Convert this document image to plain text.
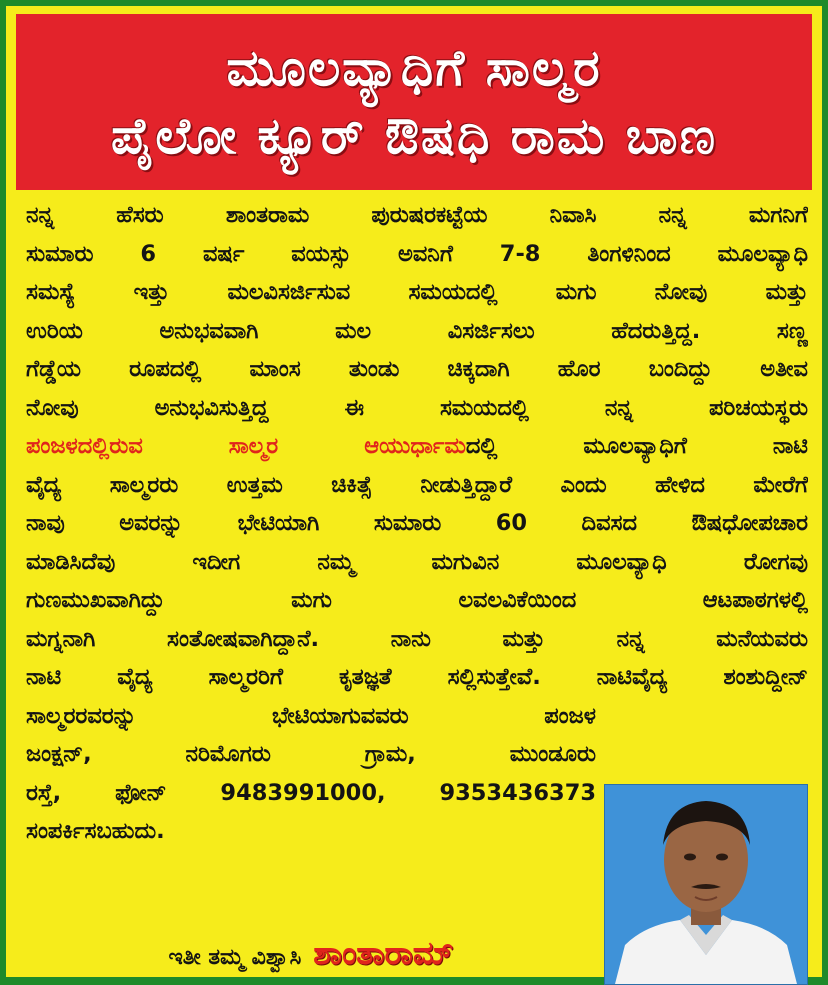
ಮೂಲವ್ಯಾಧಿಗೆ ಸಾಲ್ಮರ
ಪೈಲೋ ಕ್ಯೂರ್ ಔಷಧಿ ರಾಮ ಬಾಣ
ನನ್ನ ಹೆಸರು ಶಾಂತರಾಮ ಪುರುಷರಕಟ್ಟೆಯ ನಿವಾಸಿ ನನ್ನ ಮಗನಿಗೆ
ಸುಮಾರು 6 ವರ್ಷ ವಯಸ್ಸು ಅವನಿಗೆ 7-8 ತಿಂಗಳಿನಿಂದ ಮೂಲವ್ಯಾಧಿ
ಸಮಸ್ಯೆ ಇತ್ತು ಮಲವಿಸರ್ಜಿಸುವ ಸಮಯದಲ್ಲಿ ಮಗು ನೋವು ಮತ್ತು
ಉರಿಯ ಅನುಭವವಾಗಿ ಮಲ ವಿಸರ್ಜಿಸಲು ಹೆದರುತ್ತಿದ್ದ. ಸಣ್ಣ
ಗೆಡ್ಡೆಯ ರೂಪದಲ್ಲಿ ಮಾಂಸ ತುಂಡು ಚಿಕ್ಕದಾಗಿ ಹೊರ ಬಂದಿದ್ದು ಅತೀವ
ನೋವು ಅನುಭವಿಸುತ್ತಿದ್ದ ಈ ಸಮಯದಲ್ಲಿ ನನ್ನ ಪರಿಚಯಸ್ಥರು
ಪಂಜಳದಲ್ಲಿರುವ ಸಾಲ್ಮರ ಆಯುರ್ಧಾಮದಲ್ಲಿ ಮೂಲವ್ಯಾಧಿಗೆ ನಾಟಿ
ವೈದ್ಯ ಸಾಲ್ಮರರು ಉತ್ತಮ ಚಿಕಿತ್ಸೆ ನೀಡುತ್ತಿದ್ದಾರೆ ಎಂದು ಹೇಳಿದ ಮೇರೆಗೆ
ನಾವು ಅವರನ್ನು ಭೇಟಿಯಾಗಿ ಸುಮಾರು 60 ದಿವಸದ ಔಷಧೋಪಚಾರ
ಮಾಡಿಸಿದೆವು ಇದೀಗ ನಮ್ಮ ಮಗುವಿನ ಮೂಲವ್ಯಾಧಿ ರೋಗವು
ಗುಣಮುಖವಾಗಿದ್ದು ಮಗು ಲವಲವಿಕೆಯಿಂದ ಆಟಪಾಠಗಳಲ್ಲಿ
ಮಗ್ನನಾಗಿ ಸಂತೋಷವಾಗಿದ್ದಾನೆ. ನಾನು ಮತ್ತು ನನ್ನ ಮನೆಯವರು
ನಾಟಿ ವೈದ್ಯ ಸಾಲ್ಮರರಿಗೆ ಕೃತಜ್ಞತೆ ಸಲ್ಲಿಸುತ್ತೇವೆ. ನಾಟಿವೈದ್ಯ ಶಂಶುದ್ದೀನ್
ಸಾಲ್ಮರರವರನ್ನು ಭೇಟಿಯಾಗುವವರು ಪಂಜಳ
ಜಂಕ್ಷನ್, ನರಿಮೊಗರು ಗ್ರಾಮ, ಮುಂಡೂರು
ರಸ್ತೆ, ಫೋನ್ 9483991000, 9353436373
ಸಂಪರ್ಕಿಸಬಹುದು.
ಇತೀ ತಮ್ಮ ವಿಶ್ವಾಸಿ ಶಾಂತಾರಾಮ್
